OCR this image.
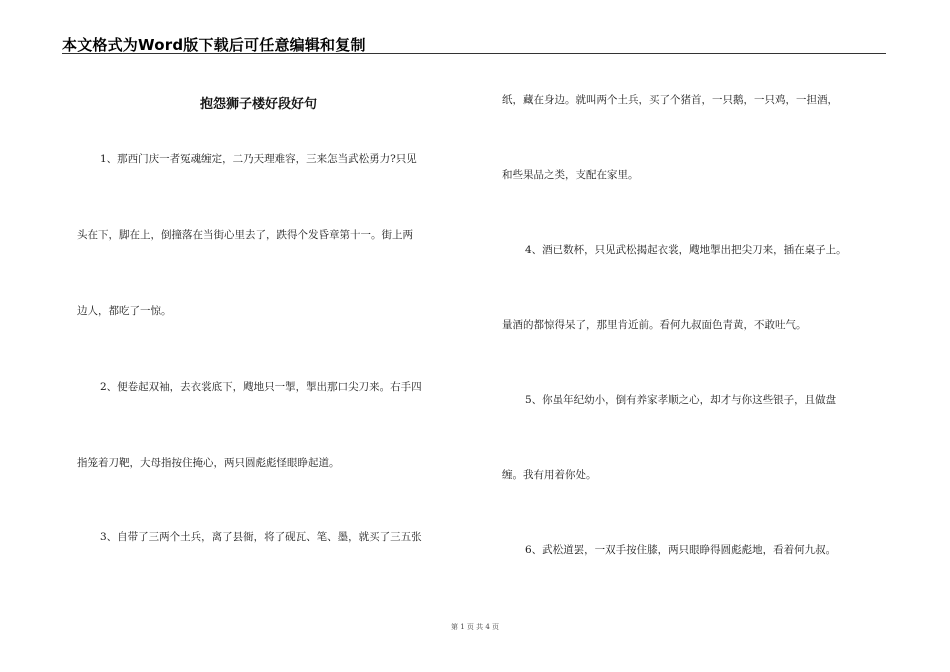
本文格式为Word版下载后可任意编辑和复制
抱怨狮子楼好段好句
1、那西门庆一者冤魂缠定，二乃天理难容，三来怎当武松勇力?只见
头在下，脚在上，倒撞落在当街心里去了，跌得个发昏章第十一。街上两
边人，都吃了一惊。
2、便卷起双袖，去衣裳底下，飕地只一掣，掣出那口尖刀来。右手四
指笼着刀靶，大母指按住掩心，两只圆彪彪怪眼睁起道。
3、自带了三两个土兵，离了县衙，将了砚瓦、笔、墨，就买了三五张
纸，藏在身边。就叫两个土兵，买了个猪首，一只鹅，一只鸡，一担酒，
和些果品之类，支配在家里。
4、酒已数杯，只见武松揭起衣裳，飕地掣出把尖刀来，插在桌子上。
量酒的都惊得呆了，那里肯近前。看何九叔面色青黄，不敢吐气。
5、你虽年纪幼小，倒有养家孝顺之心，却才与你这些银子，且做盘
缠。我有用着你处。
6、武松道罢，一双手按住膝，两只眼睁得圆彪彪地，看着何九叔。
第 1 页 共 4 页
